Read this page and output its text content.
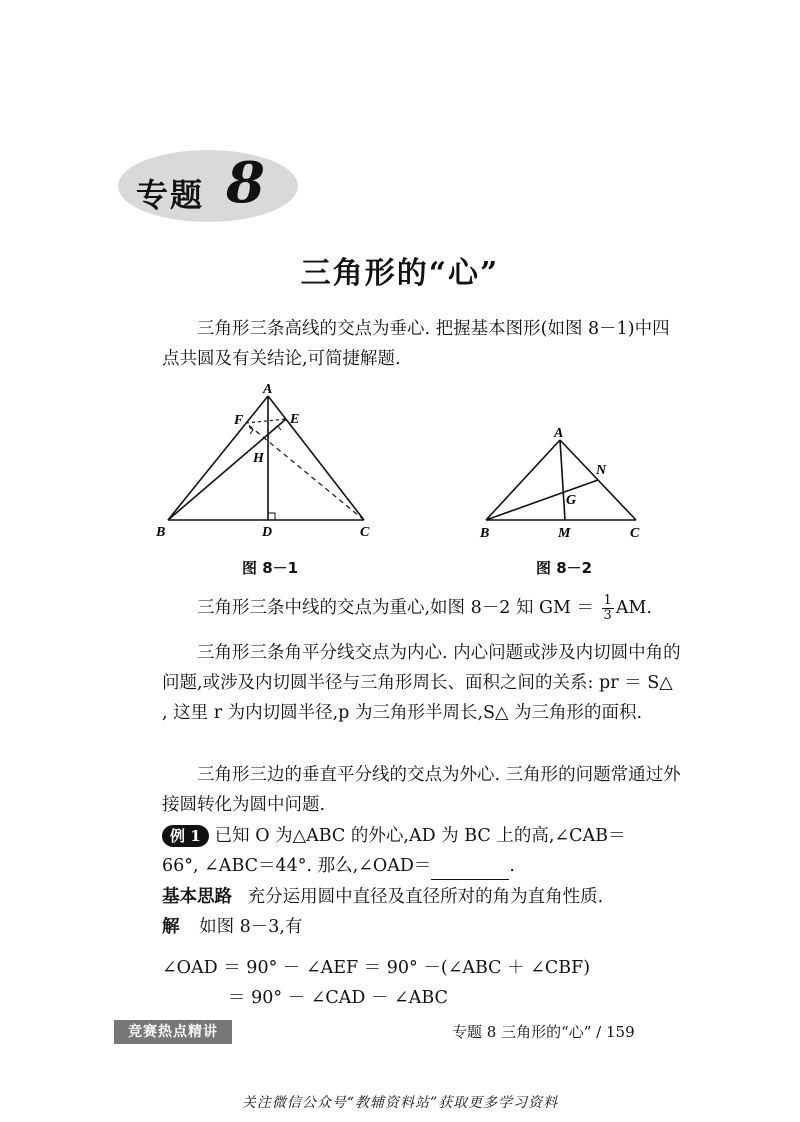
专题 8
三角形的“心”
三角形三条高线的交点为垂心. 把握基本图形(如图 8－1)中四点共圆及有关结论,可简捷解题.
A
B	C
D
E
F
H
图 8－1
A
B	C
M
N
G
图 8－2
三角形三条中线的交点为重心,如图 8－2 知 GM ＝ $\frac{1}{3}$ AM.
三角形三条角平分线交点为内心. 内心问题或涉及内切圆中角的问题,或涉及内切圆半径与三角形周长、面积之间的关系: pr ＝ S△ , 这里 r 为内切圆半径,p 为三角形半周长,S△ 为三角形的面积.
三角形三边的垂直平分线的交点为外心. 三角形的问题常通过外接圆转化为圆中问题.
例 1 已知 O 为△ABC 的外心,AD 为 BC 上的高,∠CAB＝
66°, ∠ABC＝44°. 那么,∠OAD＝	.
基本思路 充分运用圆中直径及直径所对的角为直角性质.
解 如图 8－3,有
∠OAD ＝ 90° － ∠AEF ＝ 90° －(∠ABC ＋ ∠CBF)
＝ 90° － ∠CAD － ∠ABC
竞赛热点精讲	专题 8 三角形的“心” / 159
关注微信公众号“教辅资料站”获取更多学习资料
